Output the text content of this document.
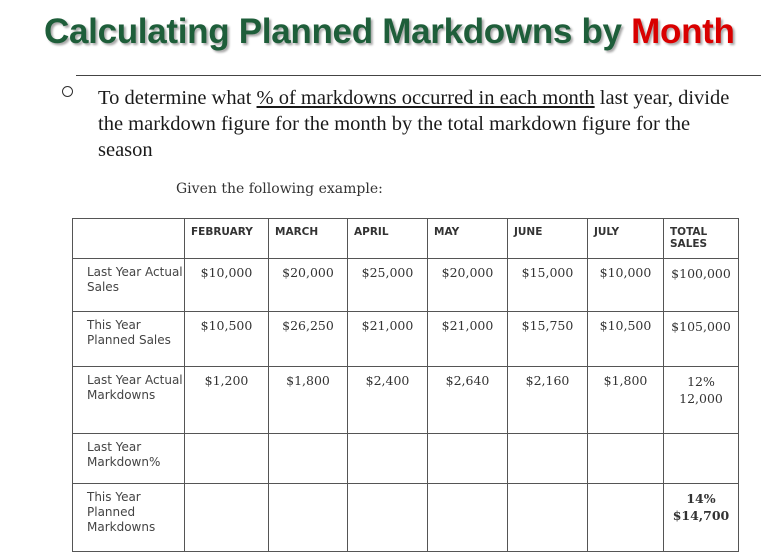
Calculating Planned Markdowns by Month

To determine what % of markdowns occurred in each month last year, divide the markdown figure for the month by the total markdown figure for the season

Given the following example:

	FEBRUARY	MARCH	APRIL	MAY	JUNE	JULY	TOTAL SALES
Last Year Actual Sales	$10,000	$20,000	$25,000	$20,000	$15,000	$10,000	$100,000

This Year Planned Sales	$10,500	$26,250	$21,000	$21,000	$15,750	$10,500	$105,000

Last Year Actual Markdowns	$1,200	$1,800	$2,400	$2,640	$2,160	$1,800	12%
12,000

Last Year Markdown%							
This Year Planned Markdowns							14%
$14,700
